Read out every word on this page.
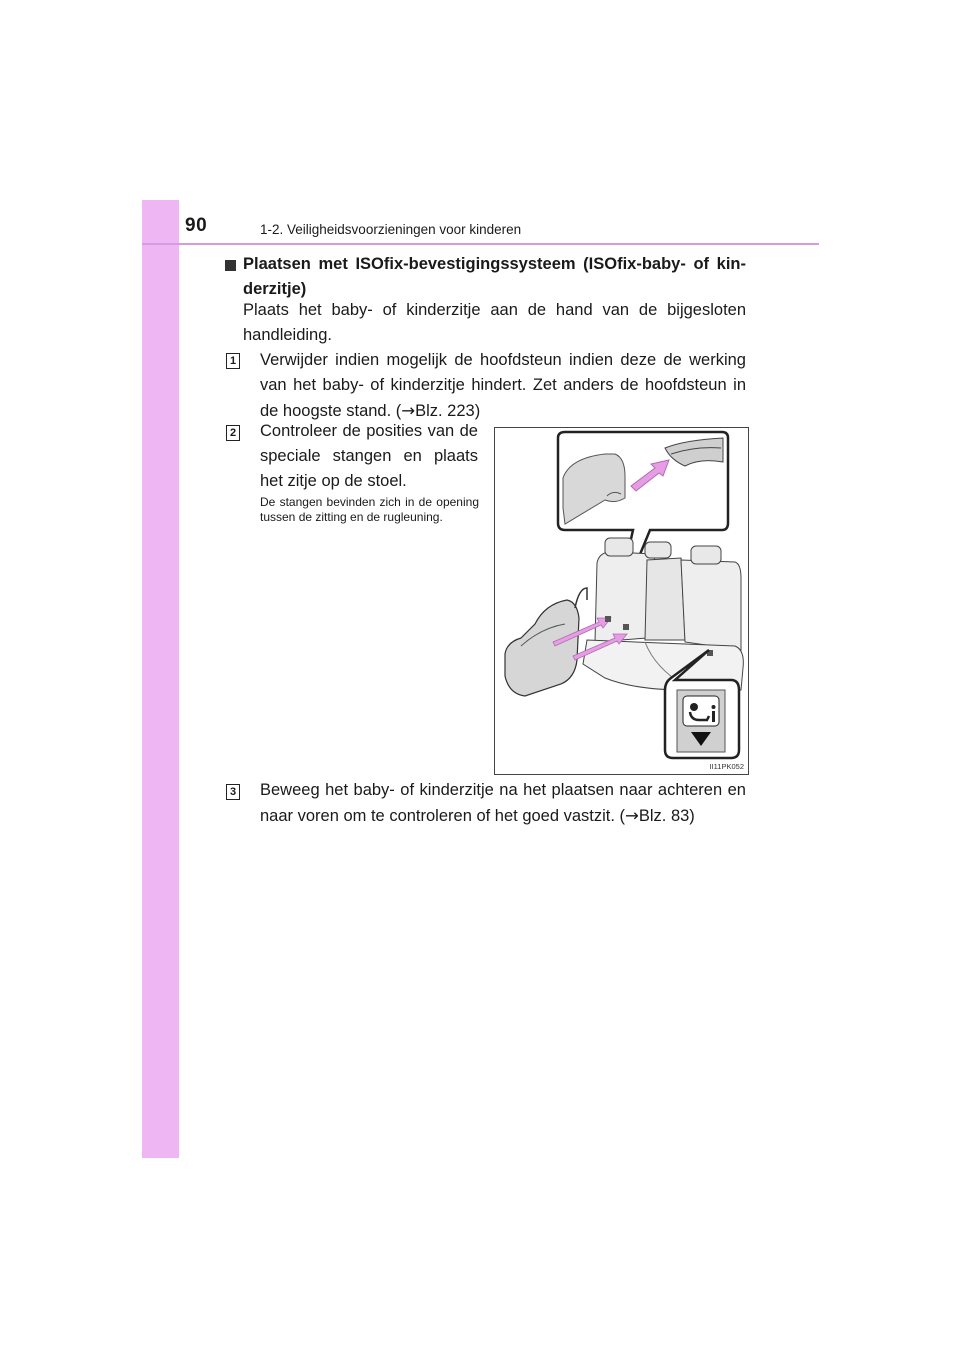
90	1-2. Veiligheidsvoorzieningen voor kinderen
Plaatsen met ISOfix-bevestigingssysteem (ISOfix-baby- of kin-derzitje)
Plaats het baby- of kinderzitje aan de hand van de bijgesloten handleiding.
1 Verwijder indien mogelijk de hoofdsteun indien deze de werking van het baby- of kinderzitje hindert. Zet anders de hoofdsteun in de hoogste stand. (→Blz. 223)
2 Controleer de posities van de speciale stangen en plaats het zitje op de stoel.
De stangen bevinden zich in de opening tussen de zitting en de rugleuning.
II11PK052
3 Beweeg het baby- of kinderzitje na het plaatsen naar achteren en naar voren om te controleren of het goed vastzit. (→Blz. 83)
